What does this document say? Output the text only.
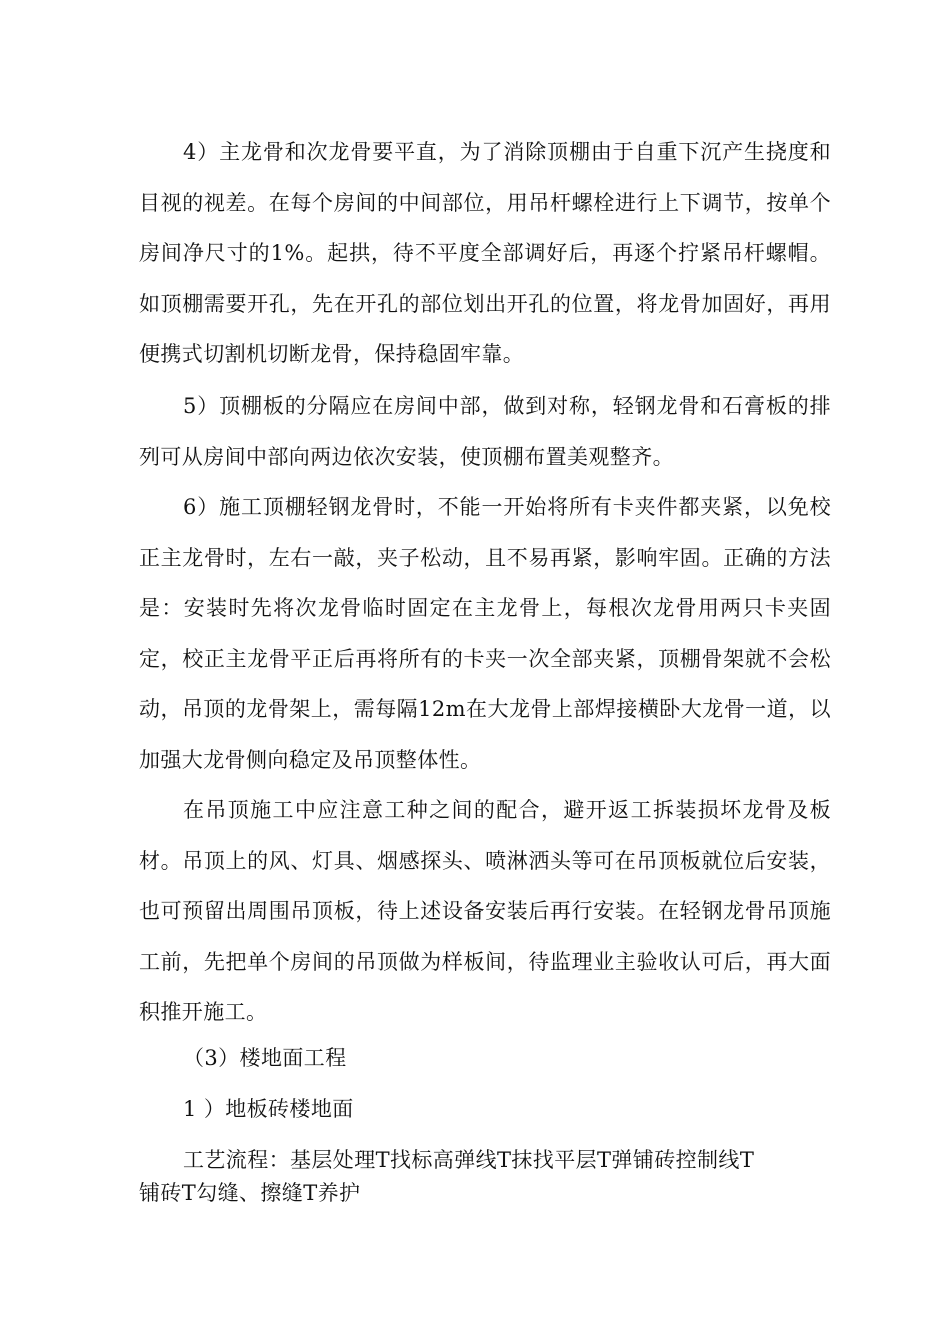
4）主龙骨和次龙骨要平直，为了消除顶棚由于自重下沉产生挠度和目视的视差。在每个房间的中间部位，用吊杆螺栓进行上下调节，按单个房间净尺寸的1%。起拱，待不平度全部调好后，再逐个拧紧吊杆螺帽。如顶棚需要开孔，先在开孔的部位划出开孔的位置，将龙骨加固好，再用便携式切割机切断龙骨，保持稳固牢靠。

5）顶棚板的分隔应在房间中部，做到对称，轻钢龙骨和石膏板的排列可从房间中部向两边依次安装，使顶棚布置美观整齐。

6）施工顶棚轻钢龙骨时，不能一开始将所有卡夹件都夹紧，以免校正主龙骨时，左右一敲，夹子松动，且不易再紧，影响牢固。正确的方法是：安装时先将次龙骨临时固定在主龙骨上，每根次龙骨用两只卡夹固定，校正主龙骨平正后再将所有的卡夹一次全部夹紧，顶棚骨架就不会松动，吊顶的龙骨架上，需每隔12m在大龙骨上部焊接横卧大龙骨一道，以加强大龙骨侧向稳定及吊顶整体性。

在吊顶施工中应注意工种之间的配合，避开返工拆装损坏龙骨及板材。吊顶上的风、灯具、烟感探头、喷淋洒头等可在吊顶板就位后安装，也可预留出周围吊顶板，待上述设备安装后再行安装。在轻钢龙骨吊顶施工前，先把单个房间的吊顶做为样板间，待监理业主验收认可后，再大面积推开施工。

（3）楼地面工程

1 ）地板砖楼地面

工艺流程：基层处理T找标高弹线T抹找平层T弹铺砖控制线T

铺砖T勾缝、擦缝T养护
